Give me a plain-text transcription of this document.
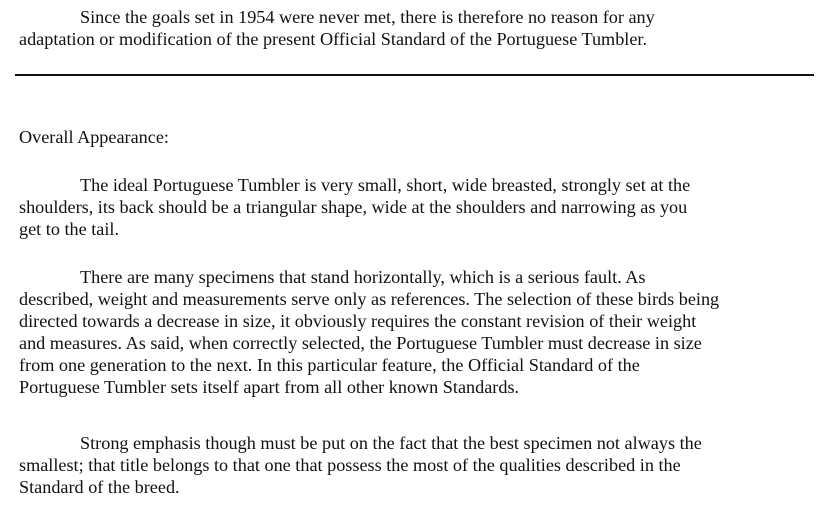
Since the goals set in 1954 were never met, there is therefore no reason for any
adaptation or modification of the present Official Standard of the Portuguese Tumbler.
Overall Appearance:
The ideal Portuguese Tumbler is very small, short, wide breasted, strongly set at the
shoulders, its back should be a triangular shape, wide at the shoulders and narrowing as you
get to the tail.
There are many specimens that stand horizontally, which is a serious fault. As
described, weight and measurements serve only as references. The selection of these birds being
directed towards a decrease in size, it obviously requires the constant revision of their weight
and measures. As said, when correctly selected, the Portuguese Tumbler must decrease in size
from one generation to the next. In this particular feature, the Official Standard of the
Portuguese Tumbler sets itself apart from all other known Standards.
Strong emphasis though must be put on the fact that the best specimen not always the
smallest; that title belongs to that one that possess the most of the qualities described in the
Standard of the breed.
